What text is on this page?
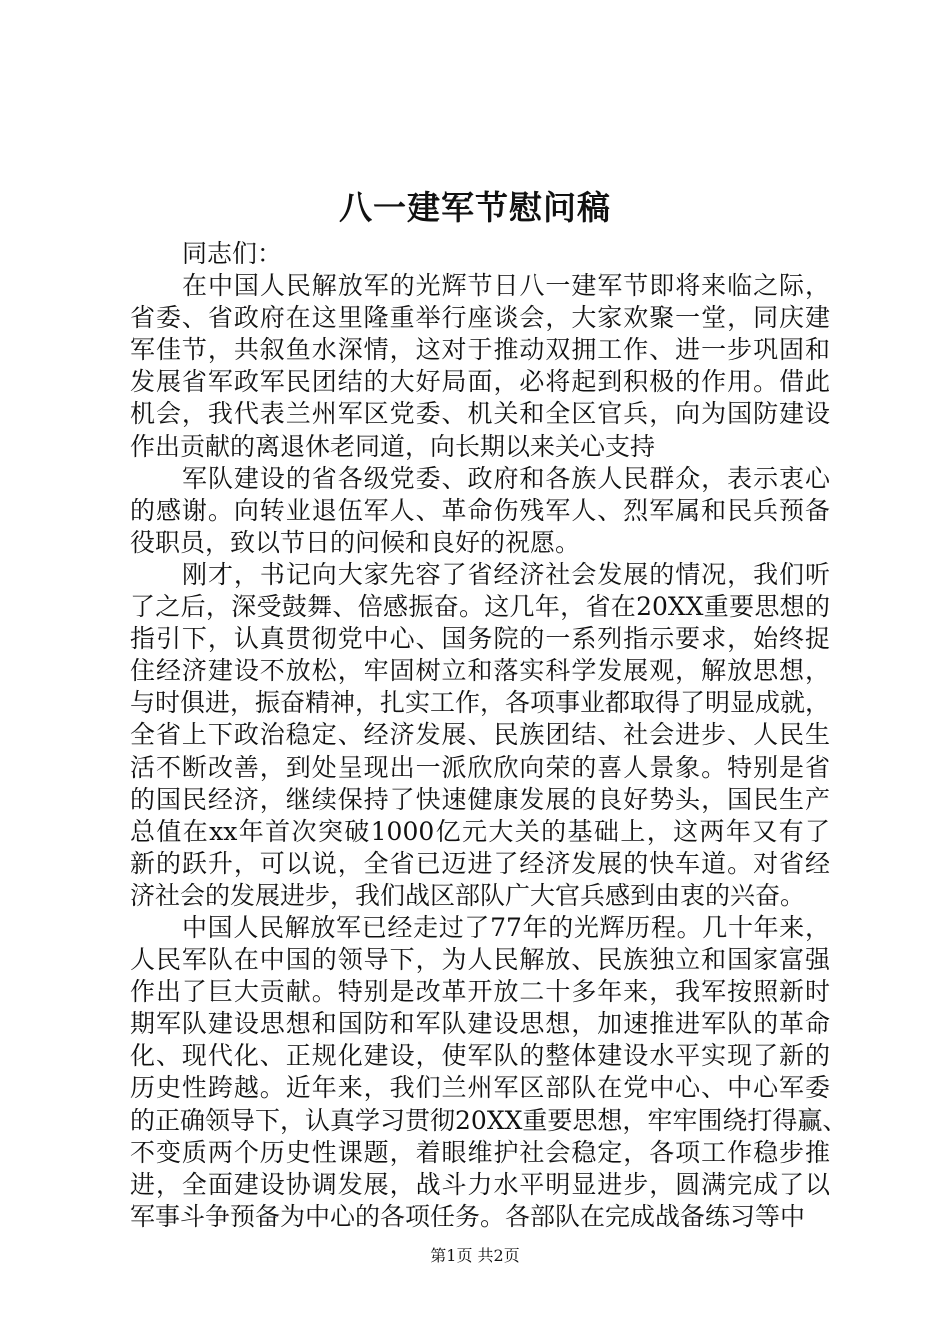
八一建军节慰问稿
同志们：
在中国人民解放军的光辉节日八一建军节即将来临之际，
省委、省政府在这里隆重举行座谈会，大家欢聚一堂，同庆建
军佳节，共叙鱼水深情，这对于推动双拥工作、进一步巩固和
发展省军政军民团结的大好局面，必将起到积极的作用。借此
机会，我代表兰州军区党委、机关和全区官兵，向为国防建设
作出贡献的离退休老同道，向长期以来关心支持
军队建设的省各级党委、政府和各族人民群众，表示衷心
的感谢。向转业退伍军人、革命伤残军人、烈军属和民兵预备
役职员，致以节日的问候和良好的祝愿。
刚才，书记向大家先容了省经济社会发展的情况，我们听
了之后，深受鼓舞、倍感振奋。这几年，省在20XX重要思想的
指引下，认真贯彻党中心、国务院的一系列指示要求，始终捉
住经济建设不放松，牢固树立和落实科学发展观，解放思想，
与时俱进，振奋精神，扎实工作，各项事业都取得了明显成就，
全省上下政治稳定、经济发展、民族团结、社会进步、人民生
活不断改善，到处呈现出一派欣欣向荣的喜人景象。特别是省
的国民经济，继续保持了快速健康发展的良好势头，国民生产
总值在xx年首次突破1000亿元大关的基础上，这两年又有了
新的跃升，可以说，全省已迈进了经济发展的快车道。对省经
济社会的发展进步，我们战区部队广大官兵感到由衷的兴奋。
中国人民解放军已经走过了77年的光辉历程。几十年来，
人民军队在中国的领导下，为人民解放、民族独立和国家富强
作出了巨大贡献。特别是改革开放二十多年来，我军按照新时
期军队建设思想和国防和军队建设思想，加速推进军队的革命
化、现代化、正规化建设，使军队的整体建设水平实现了新的
历史性跨越。近年来，我们兰州军区部队在党中心、中心军委
的正确领导下，认真学习贯彻20XX重要思想，牢牢围绕打得赢、
不变质两个历史性课题，着眼维护社会稳定，各项工作稳步推
进，全面建设协调发展，战斗力水平明显进步，圆满完成了以
军事斗争预备为中心的各项任务。各部队在完成战备练习等中
第1页 共2页
